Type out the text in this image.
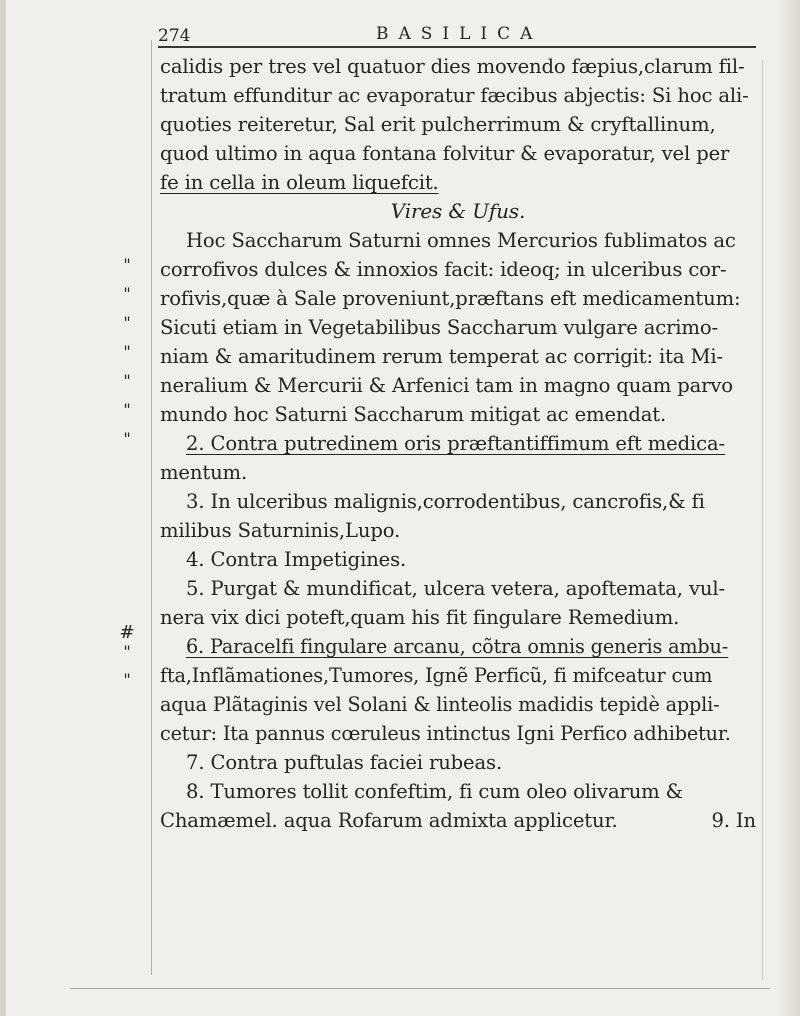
274	BASILICA
"
"
"
"
"
"
"
#
"
"
calidis per tres vel quatuor dies movendo fæpius,clarum fil-
tratum effunditur ac evaporatur fæcibus abjectis: Si hoc ali-
quoties reiteretur, Sal erit pulcherrimum & cryftallinum,
quod ultimo in aqua fontana folvitur & evaporatur, vel per
fe in cella in oleum liquefcit.
Vires & Ufus.
Hoc Saccharum Saturni omnes Mercurios fublimatos ac
corrofivos dulces & innoxios facit: ideoq; in ulceribus cor-
rofivis,quæ à Sale proveniunt,præftans eft medicamentum:
Sicuti etiam in Vegetabilibus Saccharum vulgare acrimo-
niam & amaritudinem rerum temperat ac corrigit: ita Mi-
neralium & Mercurii & Arfenici tam in magno quam parvo
mundo hoc Saturni Saccharum mitigat ac emendat.
2. Contra putredinem oris præftantiffimum eft medica-
mentum.
3. In ulceribus malignis,corrodentibus, cancrofis,& fi
milibus Saturninis,Lupo.
4. Contra Impetigines.
5. Purgat & mundificat, ulcera vetera, apoftemata, vul-
nera vix dici poteft,quam his fit fingulare Remedium.
6. Paracelfi fingulare arcanu, cõtra omnis generis ambu-
fta,Inflãmationes,Tumores, Ignẽ Perficũ, fi mifceatur cum
aqua Plãtaginis vel Solani & linteolis madidis tepidè appli-
cetur: Ita pannus cœruleus intinctus Igni Perfico adhibetur.
7. Contra puftulas faciei rubeas.
8. Tumores tollit confeftim, fi cum oleo olivarum &
Chamæmel. aqua Rofarum admixta applicetur.	9. In
